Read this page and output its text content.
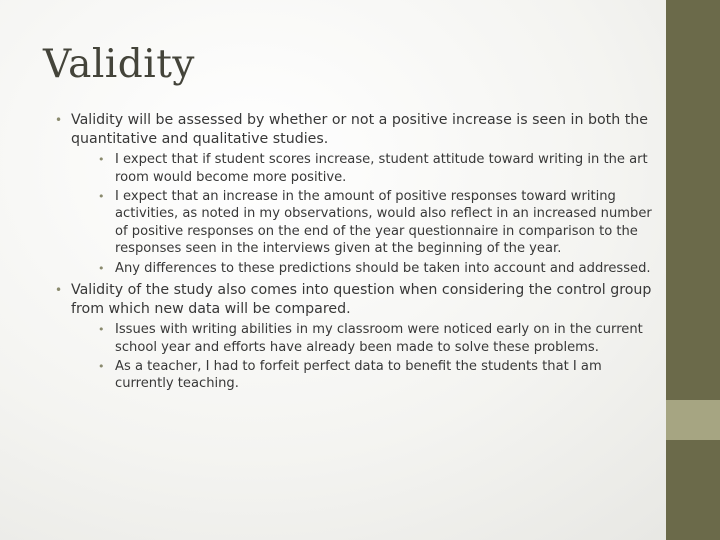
Validity
• Validity will be assessed by whether or not a positive increase is seen in both the quantitative and qualitative studies.
• I expect that if student scores increase, student attitude toward writing in the art room would become more positive.
• I expect that an increase in the amount of positive responses toward writing activities, as noted in my observations, would also reflect in an increased number of positive responses on the end of the year questionnaire in comparison to the responses seen in the interviews given at the beginning of the year.
• Any differences to these predictions should be taken into account and addressed.
• Validity of the study also comes into question when considering the control group from which new data will be compared.
• Issues with writing abilities in my classroom were noticed early on in the current school year and efforts have already been made to solve these problems.
• As a teacher, I had to forfeit perfect data to benefit the students that I am currently teaching.
